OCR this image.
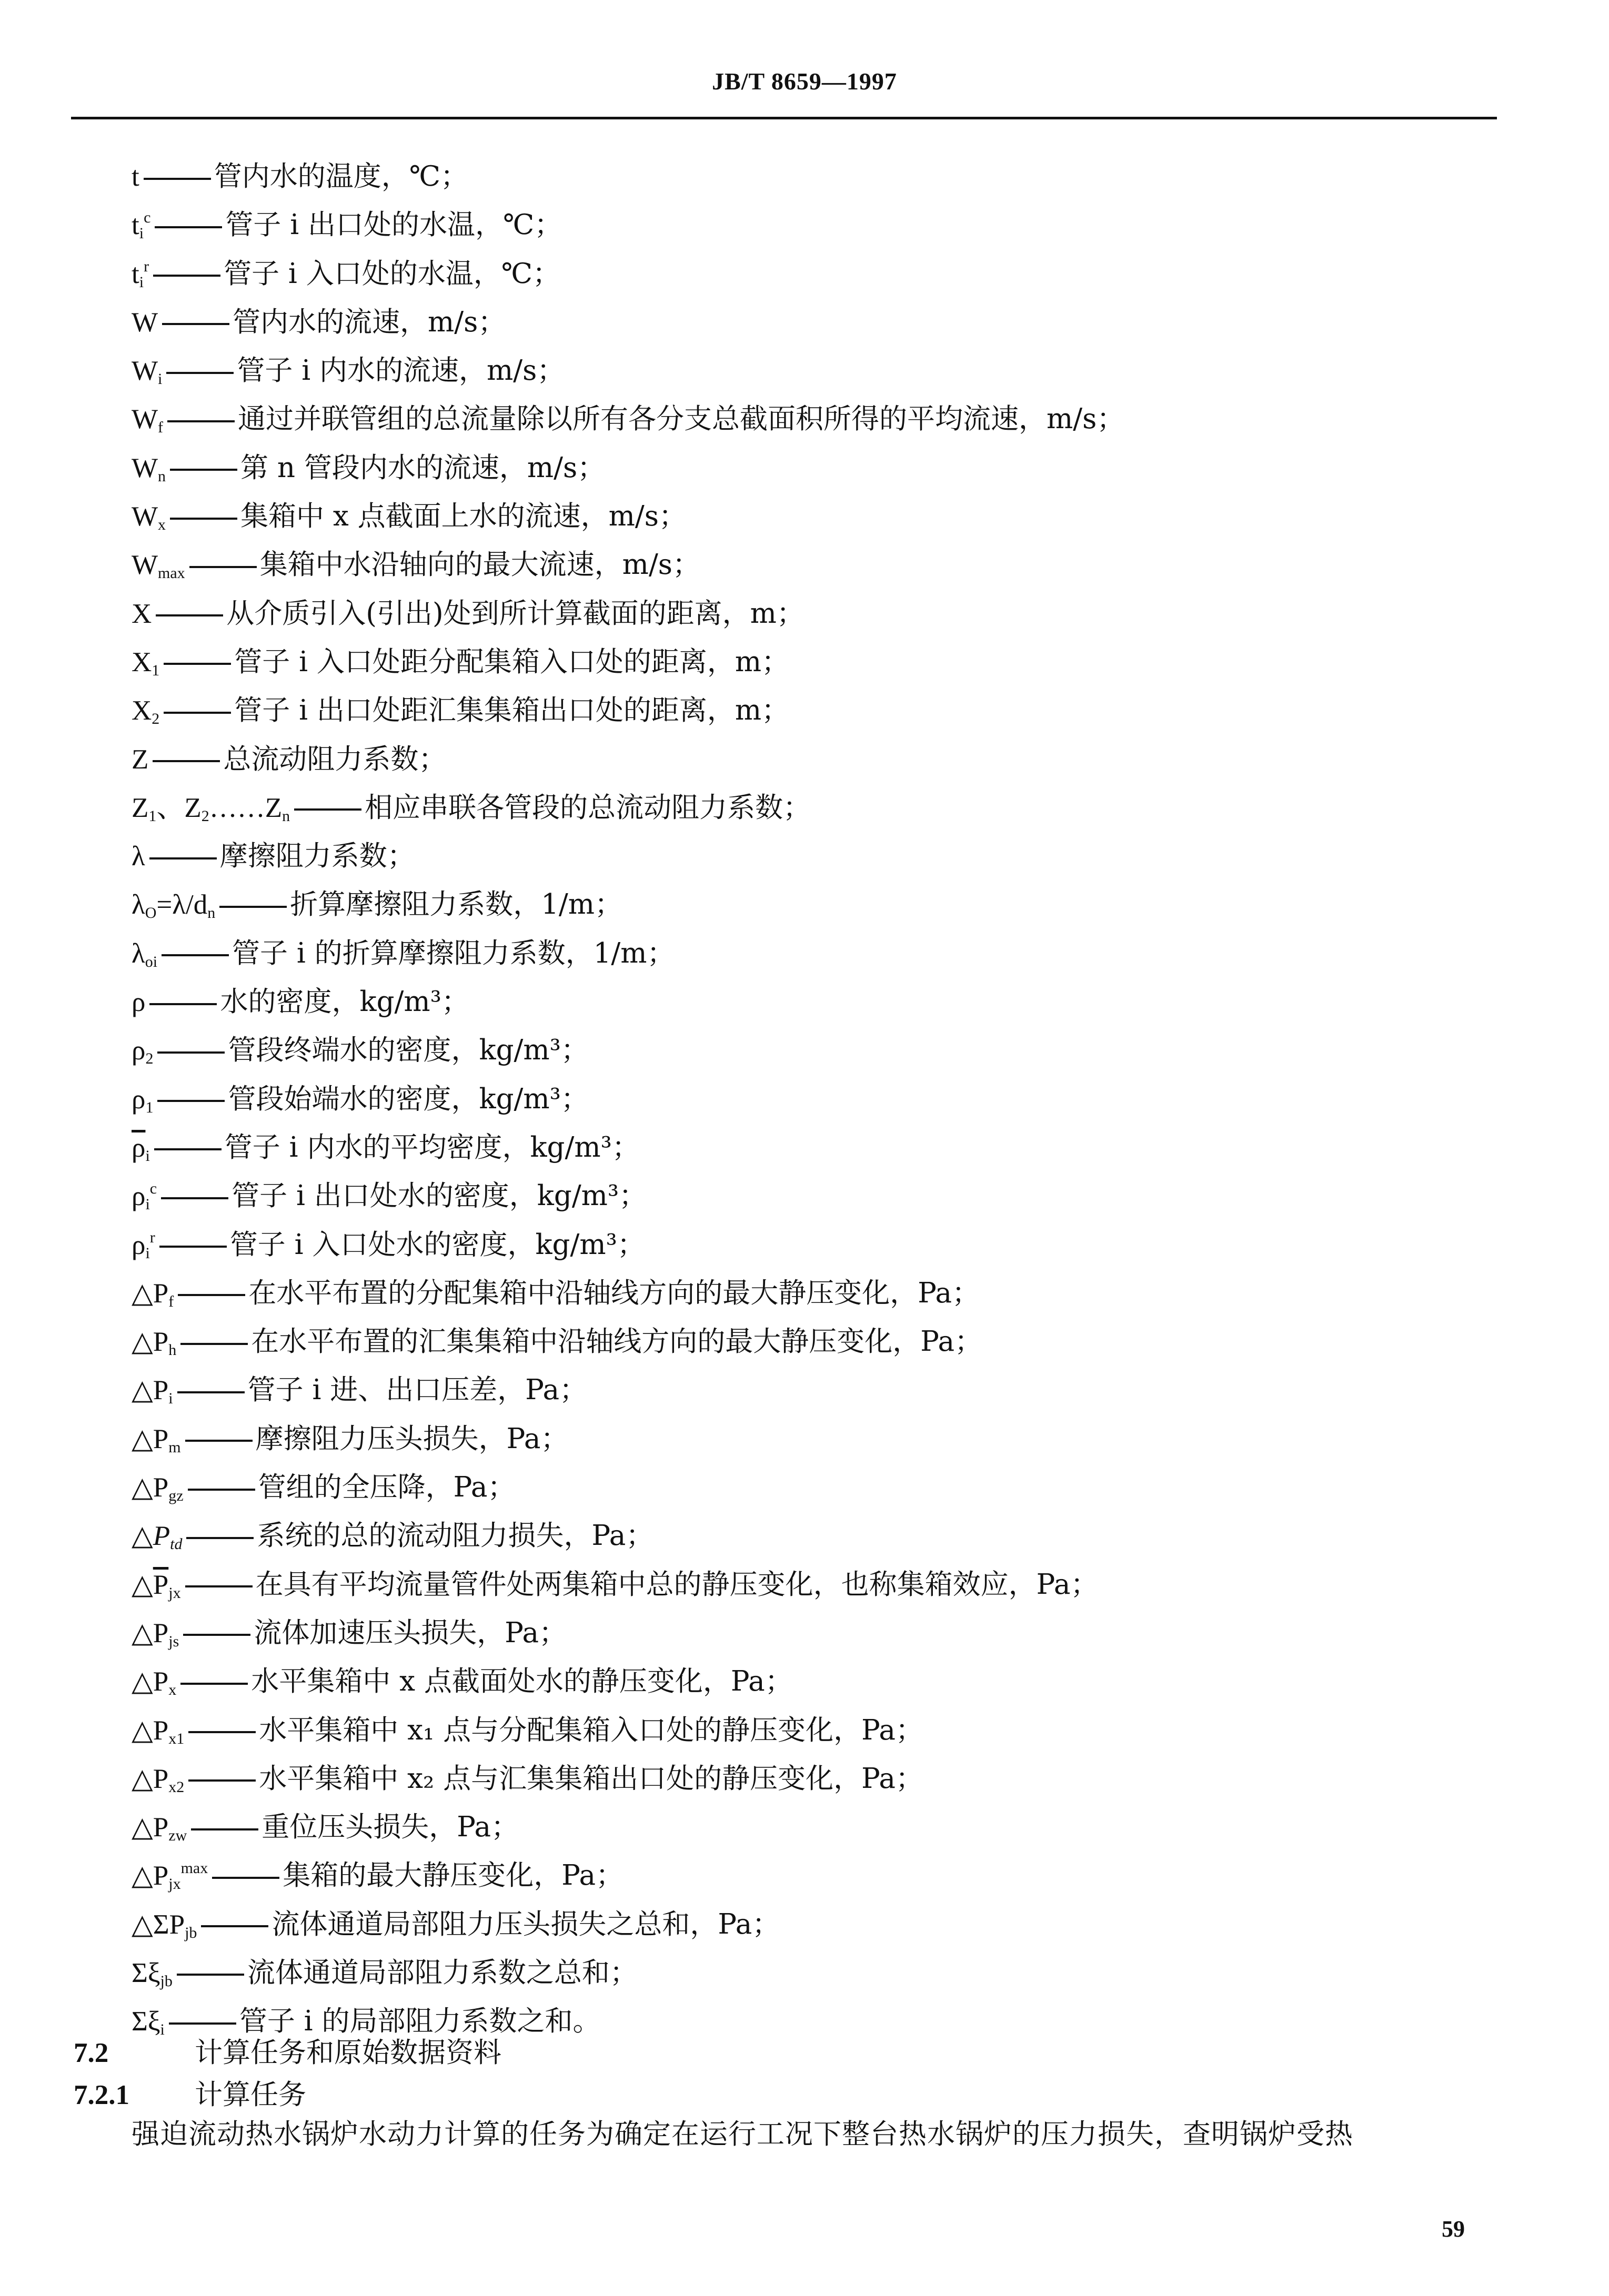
JB/T 8659—1997
t	管内水的温度，℃；
$t_i^c$	管子 i 出口处的水温，℃；
$t_i^r$	管子 i 入口处的水温，℃；
W	管内水的流速，m/s；
$W_i$	管子 i 内水的流速，m/s；
$W_f$	通过并联管组的总流量除以所有各分支总截面积所得的平均流速，m/s；
$W_n$	第 n 管段内水的流速，m/s；
$W_x$	集箱中 x 点截面上水的流速，m/s；
$W_{max}$	集箱中水沿轴向的最大流速，m/s；
X	从介质引入(引出)处到所计算截面的距离，m；
$X_1$	管子 i 入口处距分配集箱入口处的距离，m；
$X_2$	管子 i 出口处距汇集集箱出口处的距离，m；
Z	总流动阻力系数；
$Z_1$、$Z_2\dots\dots Z_n$	相应串联各管段的总流动阻力系数；
λ	摩擦阻力系数；
$\lambda_O=\lambda/d_n$	折算摩擦阻力系数，1/m；
$\lambda_{oi}$	管子 i 的折算摩擦阻力系数，1/m；
ρ	水的密度，kg/m³；
$\rho_2$	管段终端水的密度，kg/m³；
$\rho_1$	管段始端水的密度，kg/m³；
$\overline{\rho}_i$	管子 i 内水的平均密度，kg/m³；
$\rho_i^c$	管子 i 出口处水的密度，kg/m³；
$\rho_i^r$	管子 i 入口处水的密度，kg/m³；
$\triangle P_f$	在水平布置的分配集箱中沿轴线方向的最大静压变化，Pa；
$\triangle P_h$	在水平布置的汇集集箱中沿轴线方向的最大静压变化，Pa；
$\triangle P_i$	管子 i 进、出口压差，Pa；
$\triangle P_m$	摩擦阻力压头损失，Pa；
$\triangle P_{gz}$	管组的全压降，Pa；
$\triangle P_{td}$	系统的总的流动阻力损失，Pa；
$\triangle\overline{P}_{jx}$	在具有平均流量管件处两集箱中总的静压变化，也称集箱效应，Pa；
$\triangle P_{js}$	流体加速压头损失，Pa；
$\triangle P_x$	水平集箱中 x 点截面处水的静压变化，Pa；
$\triangle P_{x1}$	水平集箱中 x₁ 点与分配集箱入口处的静压变化，Pa；
$\triangle P_{x2}$	水平集箱中 x₂ 点与汇集集箱出口处的静压变化，Pa；
$\triangle P_{zw}$	重位压头损失，Pa；
$\triangle P_{jx}^{max}$	集箱的最大静压变化，Pa；
$\triangle\Sigma P_{jb}$	流体通道局部阻力压头损失之总和，Pa；
$\Sigma\xi_{jb}$	流体通道局部阻力系数之总和；
$\Sigma\xi_i$	管子 i 的局部阻力系数之和。
7.2	计算任务和原始数据资料
7.2.1 计算任务
强迫流动热水锅炉水动力计算的任务为确定在运行工况下整台热水锅炉的压力损失，查明锅炉受热
59
